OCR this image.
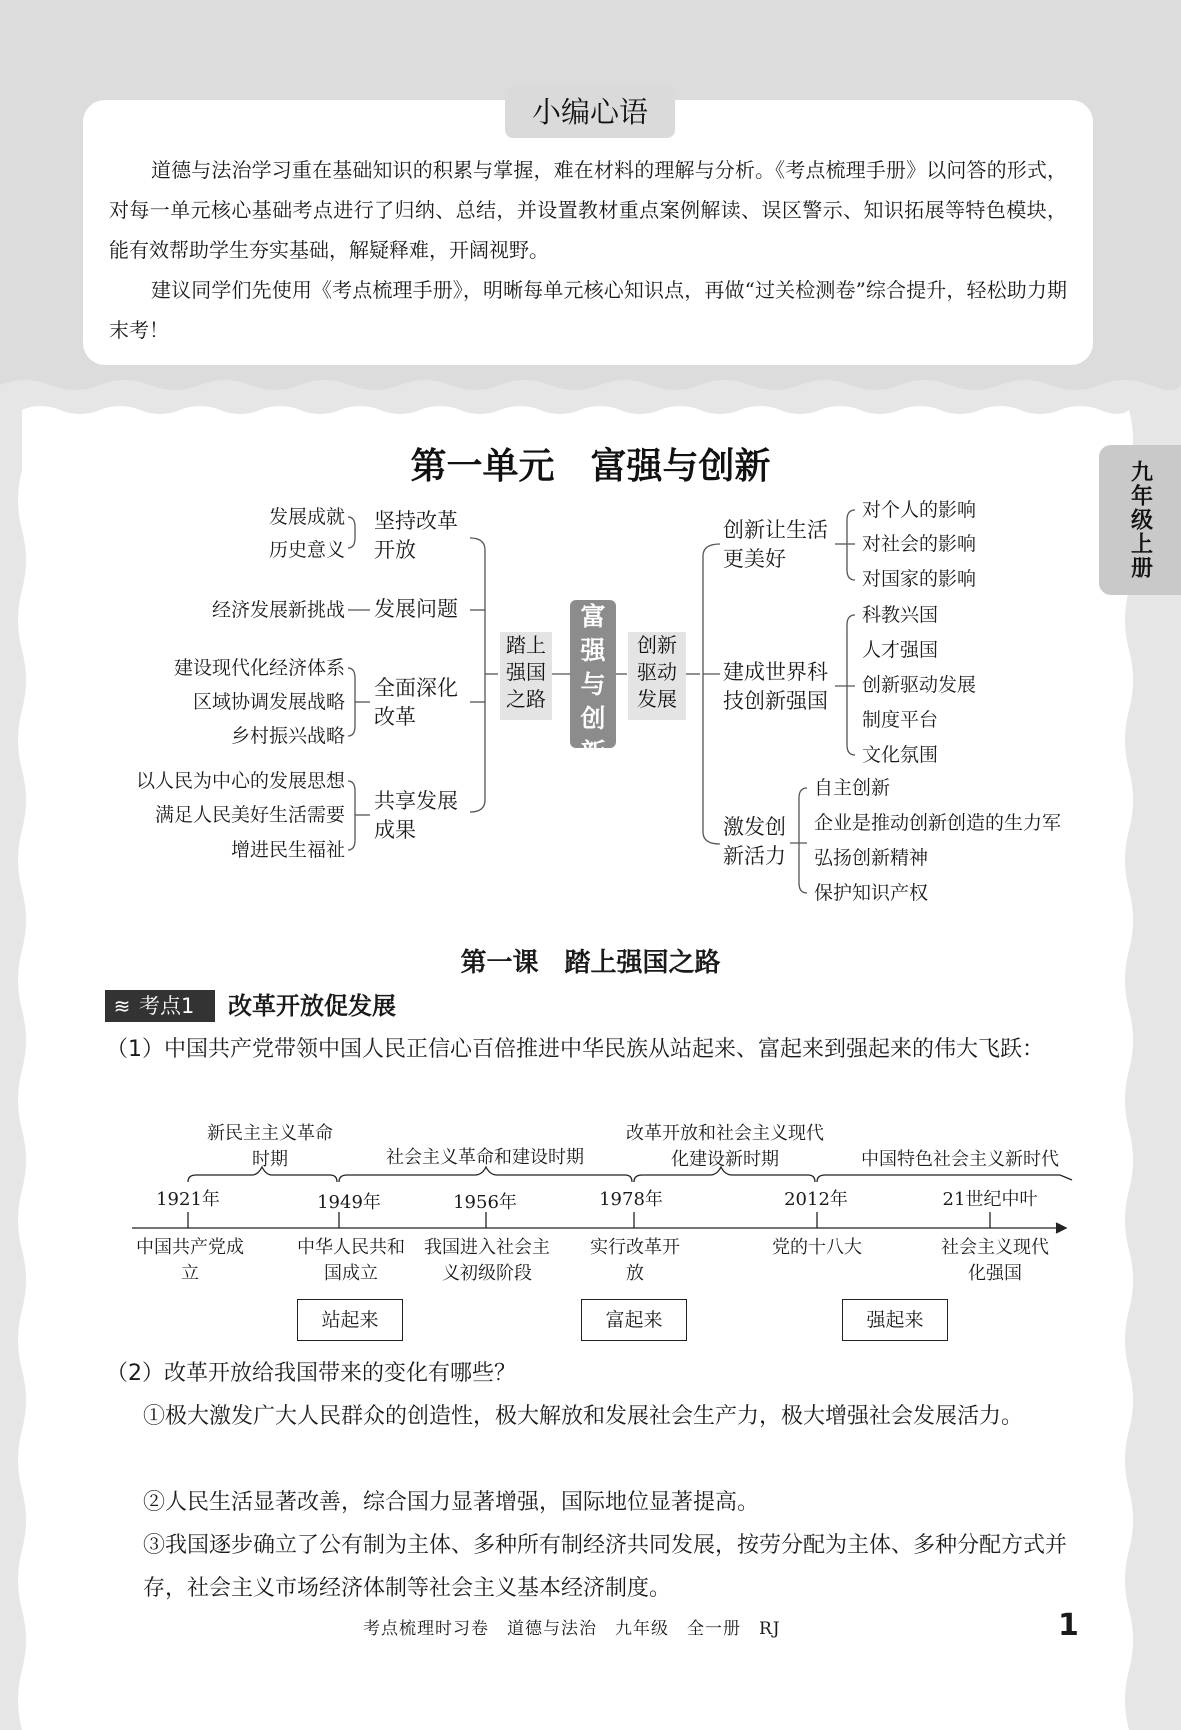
道德与法治学习重在基础知识的积累与掌握，难在材料的理解与分析。《考点梳理手册》以问答的形式，对每一单元核心基础考点进行了归纳、总结，并设置教材重点案例解读、误区警示、知识拓展等特色模块，能有效帮助学生夯实基础，解疑释难，开阔视野。

建议同学们先使用《考点梳理手册》，明晰每单元核心知识点，再做“过关检测卷”综合提升，轻松助力期末考！

小编心语
九年级上册
第一单元　富强与创新
发展成就
历史意义
经济发展新挑战
建设现代化经济体系
区域协调发展战略
乡村振兴战略
以人民为中心的发展思想
满足人民美好生活需要
增进民生福祉
坚持改革开放
发展问题
全面深化改革
共享发展成果
踏上强国之路
富强与创新
创新驱动发展
创新让生活更美好
建成世界科技创新强国
激发创新活力
对个人的影响
对社会的影响
对国家的影响
科教兴国
人才强国
创新驱动发展
制度平台
文化氛围
自主创新
企业是推动创新创造的生力军
弘扬创新精神
保护知识产权
第一课　踏上强国之路
≋ 考点1	改革开放促发展
（1）中国共产党带领中国人民正信心百倍推进中华民族从站起来、富起来到强起来的伟大飞跃：
新民主主义革命时期	社会主义革命和建设时期
改革开放和社会主义现代化建设新时期	中国特色社会主义新时代
1921年	1949年	1956年	1978年	2012年	21世纪中叶
中国共产党成立
中华人民共和国成立
我国进入社会主义初级阶段
实行改革开放
党的十八大	社会主义现代化强国
站起来	富起来	强起来
（2）改革开放给我国带来的变化有哪些？

①极大激发广大人民群众的创造性，极大解放和发展社会生产力，极大增强社会发展活力。

②人民生活显著改善，综合国力显著增强，国际地位显著提高。

③我国逐步确立了公有制为主体、多种所有制经济共同发展，按劳分配为主体、多种分配方式并存，社会主义市场经济体制等社会主义基本经济制度。

考点梳理时习卷　道德与法治　九年级　全一册　RJ	1
